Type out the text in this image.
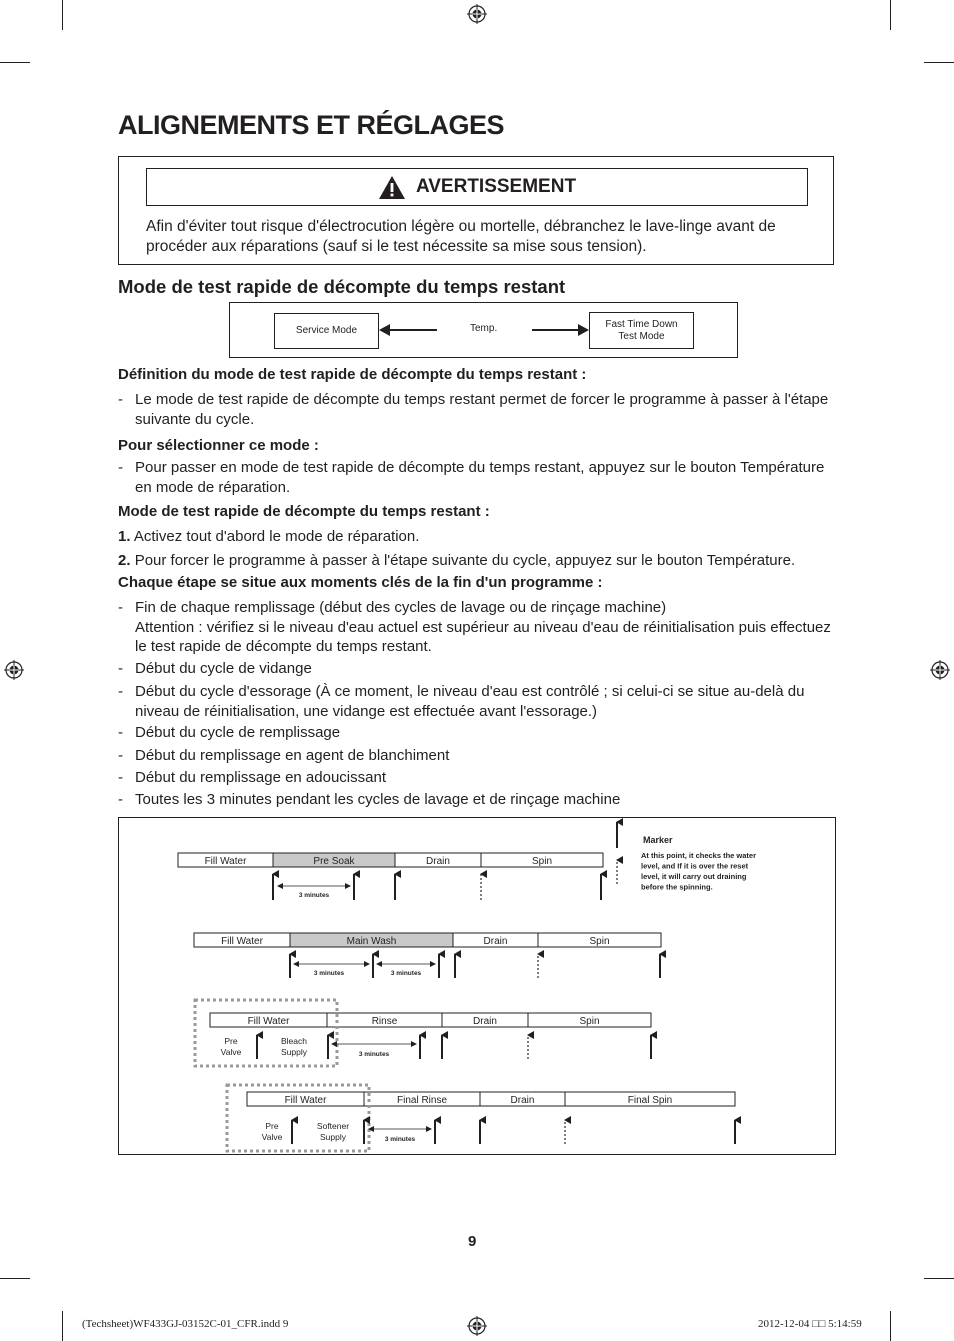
ALIGNEMENTS ET RÉGLAGES
AVERTISSEMENT
Afin d'éviter tout risque d'électrocution légère ou mortelle, débranchez le lave-linge avant de procéder aux réparations (sauf si le test nécessite sa mise sous tension).
Mode de test rapide de décompte du temps restant
Service Mode	Temp.	Fast Time Down
Test Mode
Définition du mode de test rapide de décompte du temps restant :
- Le mode de test rapide de décompte du temps restant permet de forcer le programme à passer à l'étape suivante du cycle.
Pour sélectionner ce mode :
- Pour passer en mode de test rapide de décompte du temps restant, appuyez sur le bouton Température en mode de réparation.
Mode de test rapide de décompte du temps restant :
1. Activez tout d'abord le mode de réparation.
2. Pour forcer le programme à passer à l'étape suivante du cycle, appuyez sur le bouton Température.
Chaque étape se situe aux moments clés de la fin d'un programme :
- Fin de chaque remplissage (début des cycles de lavage ou de rinçage machine)
Attention : vérifiez si le niveau d'eau actuel est supérieur au niveau d'eau de réinitialisation puis effectuez le test rapide de décompte du temps restant.
- Début du cycle de vidange
- Début du cycle d'essorage (À ce moment, le niveau d'eau est contrôlé ; si celui-ci se situe au-delà du niveau de réinitialisation, une vidange est effectuée avant l'essorage.)
- Début du cycle de remplissage
- Début du remplissage en agent de blanchiment
- Début du remplissage en adoucissant
- Toutes les 3 minutes pendant les cycles de lavage et de rinçage machine
Fill Water	Pre Soak	Drain	Spin
Fill Water	Main Wash	Drain	Spin
Fill Water	Rinse	Drain	Spin
Fill Water	Final Rinse	Drain	Final Spin
3 minutes
3 minutes	3 minutes
3 minutes
Pre
Valve
Bleach
Supply
3 minutes
Pre
Valve
Softener
Supply
Marker
At this point, it checks the water
level, and If it is over the reset
level, it will carry out draining
before the spinning.
9
(Techsheet)WF433GJ-03152C-01_CFR.indd 9	2012-12-04 □□ 5:14:59
